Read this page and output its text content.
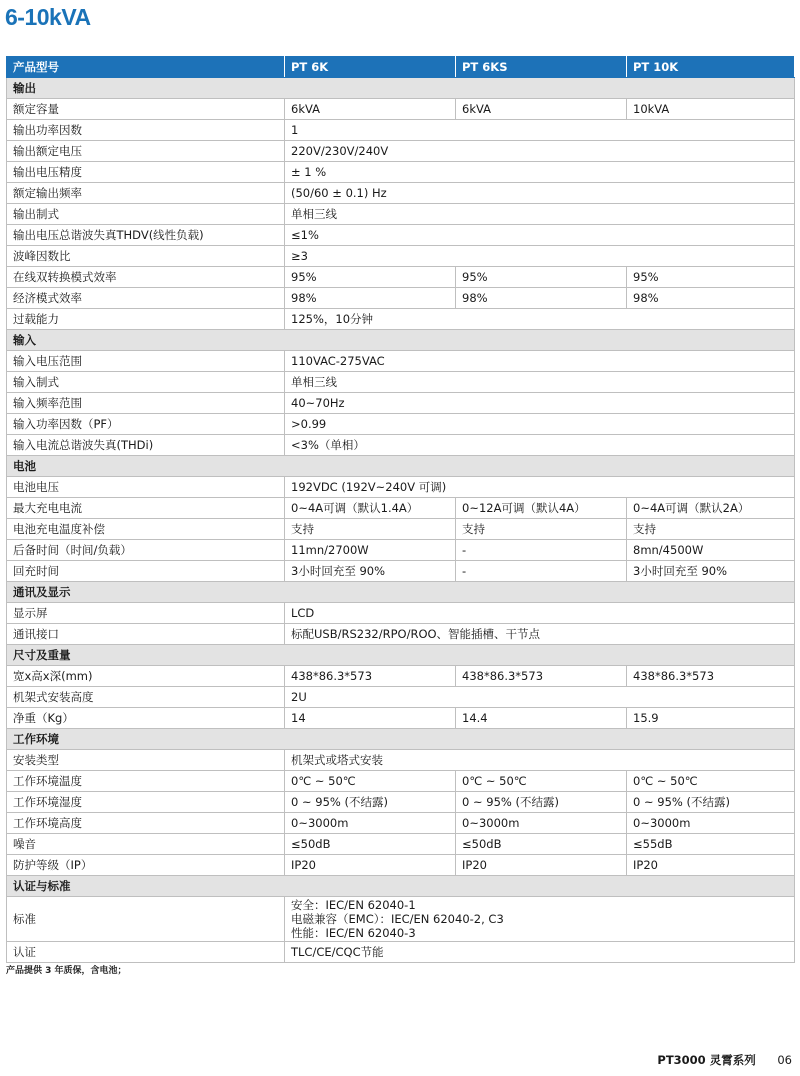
6-10kVA
产品型号	PT 6K	PT 6KS	PT 10K
输出			
额定容量	6kVA	6kVA	10kVA
输出功率因数	1		
输出额定电压	220V/230V/240V		
输出电压精度	± 1 %		
额定输出频率	(50/60 ± 0.1) Hz		
输出制式	单相三线		
输出电压总谐波失真THDV(线性负载)	≤1%		
波峰因数比	≥3		
在线双转换模式效率	95%	95%	95%
经济模式效率	98%	98%	98%
过载能力	125%，10分钟		
输入			
输入电压范围	110VAC-275VAC		
输入制式	单相三线		
输入频率范围	40~70Hz		
输入功率因数（PF）	>0.99		
输入电流总谐波失真(THDi)	<3%（单相）		
电池			
电池电压	192VDC (192V~240V 可调)		
最大充电电流	0~4A可调（默认1.4A）	0~12A可调（默认4A）	0~4A可调（默认2A）
电池充电温度补偿	支持	支持	支持
后备时间（时间/负载）	11mn/2700W	-	8mn/4500W
回充时间	3小时回充至 90%	-	3小时回充至 90%
通讯及显示			
显示屏	LCD		
通讯接口	标配USB/RS232/RPO/ROO、智能插槽、干节点		
尺寸及重量			
宽x高x深(mm)	438*86.3*573	438*86.3*573	438*86.3*573
机架式安装高度	2U		
净重（Kg）	14	14.4	15.9
工作环境			
安装类型	机架式或塔式安装		
工作环境温度	0℃ ~ 50℃	0℃ ~ 50℃	0℃ ~ 50℃
工作环境湿度	0 ~ 95% (不结露)	0 ~ 95% (不结露)	0 ~ 95% (不结露)
工作环境高度	0~3000m	0~3000m	0~3000m
噪音	≤50dB	≤50dB	≤55dB
防护等级（IP）	IP20	IP20	IP20
认证与标准			
标准	安全：IEC/EN 62040-1
电磁兼容（EMC）：IEC/EN 62040-2, C3
性能：IEC/EN 62040-3		

认证	TLC/CE/CQC节能		
产品提供 3 年质保，含电池；
PT3000 灵霄系列 06
